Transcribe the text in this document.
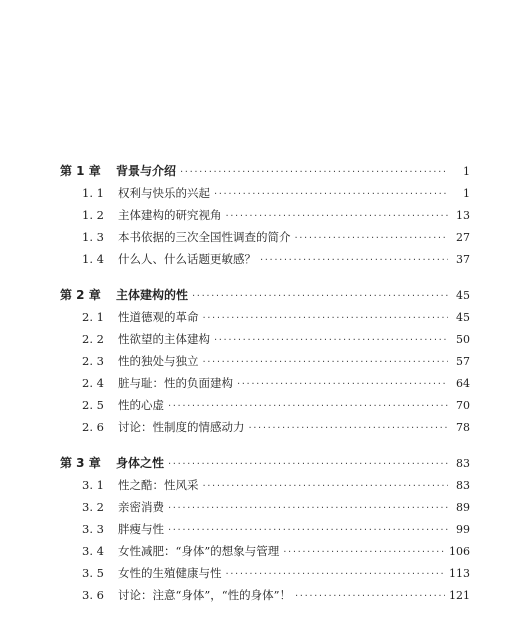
第 1 章	背景与介绍 ·····	1
1. 1	权利与快乐的兴起 ·····	1
1. 2	主体建构的研究视角 ·····	13
1. 3	本书依据的三次全国性调查的简介 ·····	27
1. 4	什么人、什么话题更敏感？ ·····	37
第 2 章	主体建构的性 ·····	45
2. 1	性道德观的革命 ·····	45
2. 2	性欲望的主体建构 ·····	50
2. 3	性的独处与独立 ·····	57
2. 4	脏与耻：性的负面建构 ·····	64
2. 5	性的心虚 ·····	70
2. 6	讨论：性制度的情感动力 ·····	78
第 3 章	身体之性 ·····	83
3. 1	性之酷：性风采 ·····	83
3. 2	亲密消费 ·····	89
3. 3	胖瘦与性 ·····	99
3. 4	女性减肥：“身体”的想象与管理 ·····	106
3. 5	女性的生殖健康与性 ·····	113
3. 6	讨论：注意“身体”，“性的身体”！ ·····	121
